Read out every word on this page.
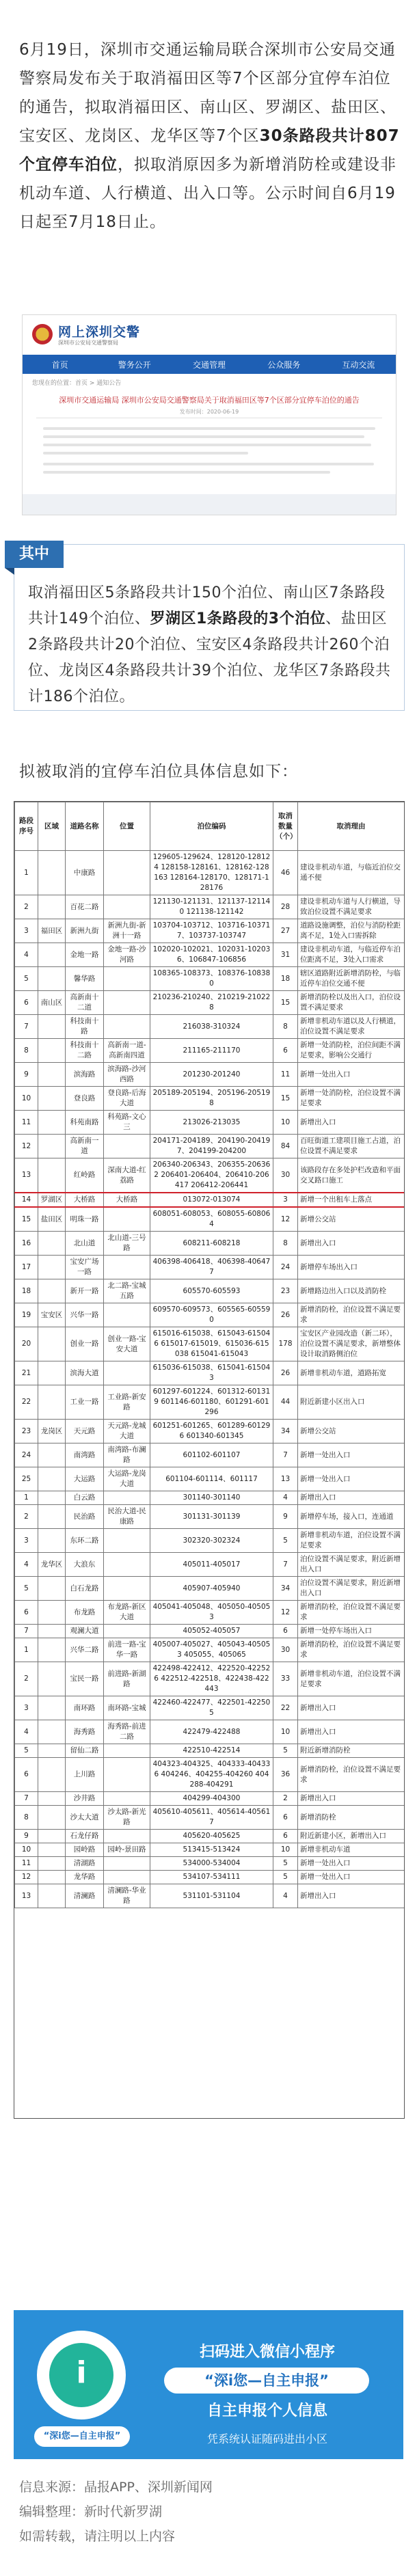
6月19日，深圳市交通运输局联合深圳市公安局交通警察局发布关于取消福田区等7个区部分宜停车泊位的通告，拟取消福田区、南山区、罗湖区、盐田区、宝安区、龙岗区、龙华区等7个区30条路段共计807个宜停车泊位，拟取消原因多为新增消防栓或建设非机动车道、人行横道、出入口等。公示时间自6月19日起至7月18日止。
网上深圳交警
深圳市公安局交通警察局
首页	警务公开	交通管理	公众服务	互动交流
您现在的位置：首页 > 通知公告
深圳市交通运输局 深圳市公安局交通警察局关于取消福田区等7个区部分宜停车泊位的通告
发布时间：2020-06-19
其中
取消福田区5条路段共计150个泊位、南山区7条路段共计149个泊位、罗湖区1条路段的3个泊位、盐田区2条路段共计20个泊位、宝安区4条路段共计260个泊位、龙岗区4条路段共计39个泊位、龙华区7条路段共计186个泊位。
拟被取消的宜停车泊位具体信息如下：
路段序号	区域	道路名称	位置	泊位编码	取消数量（个）	取消理由
1		中康路		129605-129624、128120-128124 128158-128161、128162-128163 128164-128170、128171-128176	46	建设非机动车道，与临近泊位交通不便
2		百花二路		121130-121131、121137-121140 121138-121142	28	建设非机动车道与人行横道，导致泊位设置不满足要求
3	福田区	新洲九街	新洲九街-新洲十一路	103704-103712、103716-103717、103737-103747	27	道路设施调整，泊位与消防栓距离不足，1处入口需拆除
4		金地一路	金地一路-沙河路	102020-102021、102031-102036、106847-106856	31	建设非机动车道，与临近停车泊位距离不足，3处入口需求
5		馨华路		108365-108373、108376-108380	18	辖区道路附近新增消防栓，与临近停车泊位交通不便
6	南山区	高新南十二道		210236-210240、210219-210228	15	新增消防栓以及出入口，泊位设置不满足要求
7		科技南十路		216038-310324	8	新增非机动车道以及人行横道，泊位设置不满足要求
8		科技南十二路	高新南一道-高新南四道	211165-211170	6	新增一处消防栓，泊位间距不满足要求，影响公交通行
9		滨海路	滨海路-沙河西路	201230-201240	11	新增一处出入口
10		登良路	登良路-后海大道	205189-205194、205196-205198	15	新增一处消防栓，泊位设置不满足要求
11		科苑南路	科苑路-文心三	213026-213035	10	新增出入口
12		高新南一道		204171-204189、204190-204197、204199-204200	84	百旺街道工建项目施工占道，泊位设置不满足要求
13		红岭路	深南大道-红荔路	206340-206343、206355-206362 206401-206404、206410-206417 206412-206441	30	该路段存在多处护栏改造和平面交叉路口施工
14	罗湖区	大桥路	大桥路	013072-013074	3	新增一个出租车上落点
15	盐田区	明珠一路		608051-608053、608055-608064	12	新增公交站
16		北山道	北山道-三号路	608211-608218	8	新增出入口
17		宝安广场一路		406398-406418、406398-406477	24	新增停车场出入口
18		新开一路	北二路-宝城五路	605570-605593	23	新增路边出入口以及消防栓
19	宝安区	兴华一路		609570-609573、605565-605590	26	新增消防栓，泊位设置不满足要求
20		创业一路	创业一路-宝安大道	615016-615038、615043-615046 615017-615019、615036-615038 615041-615043	178	宝安区产业园改造（新二环），泊位设置不满足要求，新增整体设计取消路侧泊位
21		滨海大道		615036-615038、615041-615043	26	新增非机动车道，道路拓宽
22		工业一路	工业路-新安路	601297-601224、601312-601319 601146-601180、601291-601296	44	附近新建小区出入口
23	龙岗区	天元路	天元路-龙城大道	601251-601265、601289-601296 601340-601345	34	新增公交站
24		南湾路	南湾路-布澜路	601102-601107	7	新增一处出入口
25		大运路	大运路-龙岗大道	601104-601114、601117	13	新增一处出入口
1		白云路		301140-301140	4	新增出入口
2		民治路	民治大道-民康路	301131-301139	9	新增停车场，接入口，连通道
3		东环二路		302320-302324	5	新增非机动车道，泊位设置不满足要求
4	龙华区	大浪东		405011-405017	7	泊位设置不满足要求，附近新增出入口
5		白石龙路		405907-405940	34	泊位设置不满足要求，附近新增出入口
6		布龙路	布龙路-新区大道	405041-405048、405050-405053	12	新增消防栓，泊位设置不满足要求
7		观澜大道		405052-405057	6	新增一处停车场出入口
1		兴华二路	前进一路-宝华一路	405007-405027、405043-405053 405055、405065	30	新增消防栓，泊位设置不满足要求
2		宝民一路	前进路-新湖路	422498-422412、422520-422526 422512-422518、422438-422443	33	新增非机动车道，泊位设置不满足要求
3		南环路	南环路-宝城	422460-422477、422501-422505	22	新增出入口
4		海秀路	海秀路-前进二路	422479-422488	10	新增出入口
5		留仙二路		422510-422514	5	附近新增消防栓
6		上川路		404323-404325、404333-404336 404246、404255-404260 404288-404291	36	新增消防栓，泊位设置不满足要求
7		沙井路		404299-404300	2	新增出入口
8		沙太大道	沙太路-新光路	405610-405611、405614-405617	6	新增消防栓
9		石龙仔路		405620-405625	6	附近新建小区，新增出入口
10		园岭路	园岭-景田路	513415-513424	10	新增非机动车道
11		清湖路		534000-534004	5	新增一处出入口
12		龙华路		534107-534111	5	新增一处出入口
13		清澜路	清澜路-华业路	531101-531104	4	新增出入口
i
“深i您—自主申报”
扫码进入微信小程序
“深i您—自主申报”
自主申报个人信息
凭系统认证随码进出小区
信息来源：晶报APP、深圳新闻网
编辑整理：新时代新罗湖
如需转载，请注明以上内容
